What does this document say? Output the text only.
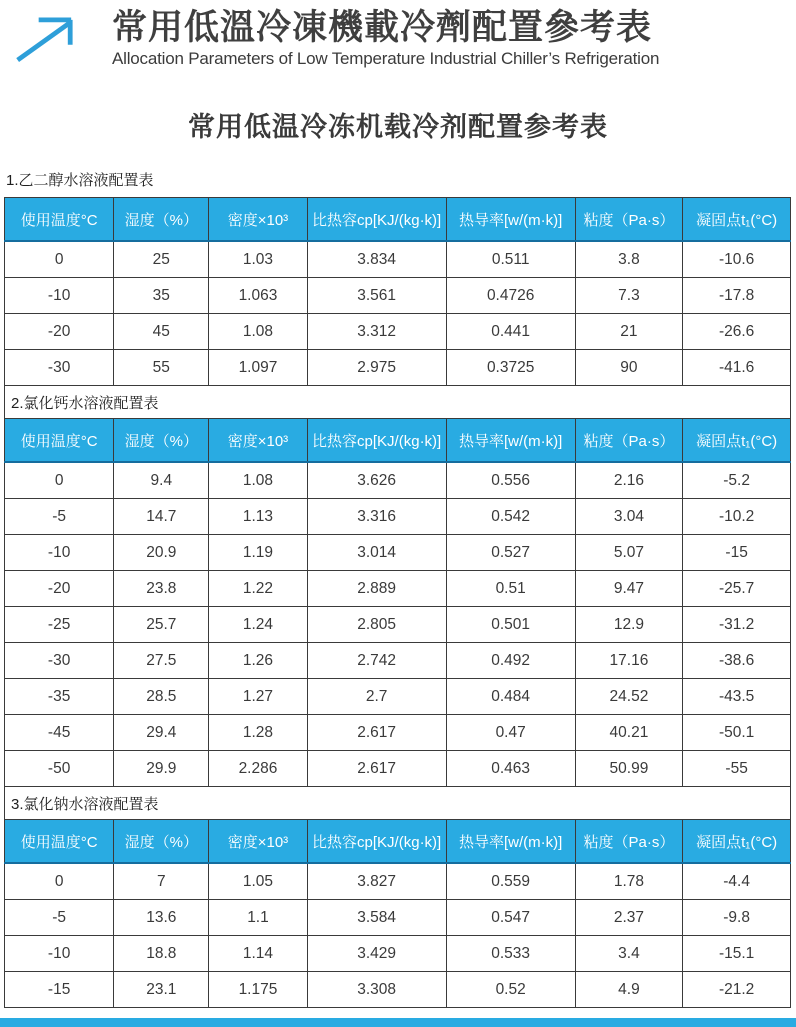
常用低溫冷凍機載冷劑配置參考表
Allocation Parameters of Low Temperature Industrial Chiller’s Refrigeration
常用低温冷冻机载冷剂配置参考表
1.乙二醇水溶液配置表
使用温度°C	湿度（%）	密度×10³	比热容cp[KJ/(kg·k)]	热导率[w/(m·k)]	粘度（Pa·s）	凝固点t₁(°C)
0	25	1.03	3.834	0.511	3.8	-10.6
-10	35	1.063	3.561	0.4726	7.3	-17.8
-20	45	1.08	3.312	0.441	21	-26.6
-30	55	1.097	2.975	0.3725	90	-41.6
2.氯化钙水溶液配置表						
使用温度°C	湿度（%）	密度×10³	比热容cp[KJ/(kg·k)]	热导率[w/(m·k)]	粘度（Pa·s）	凝固点t₁(°C)
0	9.4	1.08	3.626	0.556	2.16	-5.2
-5	14.7	1.13	3.316	0.542	3.04	-10.2
-10	20.9	1.19	3.014	0.527	5.07	-15
-20	23.8	1.22	2.889	0.51	9.47	-25.7
-25	25.7	1.24	2.805	0.501	12.9	-31.2
-30	27.5	1.26	2.742	0.492	17.16	-38.6
-35	28.5	1.27	2.7	0.484	24.52	-43.5
-45	29.4	1.28	2.617	0.47	40.21	-50.1
-50	29.9	2.286	2.617	0.463	50.99	-55
3.氯化钠水溶液配置表						
使用温度°C	湿度（%）	密度×10³	比热容cp[KJ/(kg·k)]	热导率[w/(m·k)]	粘度（Pa·s）	凝固点t₁(°C)
0	7	1.05	3.827	0.559	1.78	-4.4
-5	13.6	1.1	3.584	0.547	2.37	-9.8
-10	18.8	1.14	3.429	0.533	3.4	-15.1
-15	23.1	1.175	3.308	0.52	4.9	-21.2
